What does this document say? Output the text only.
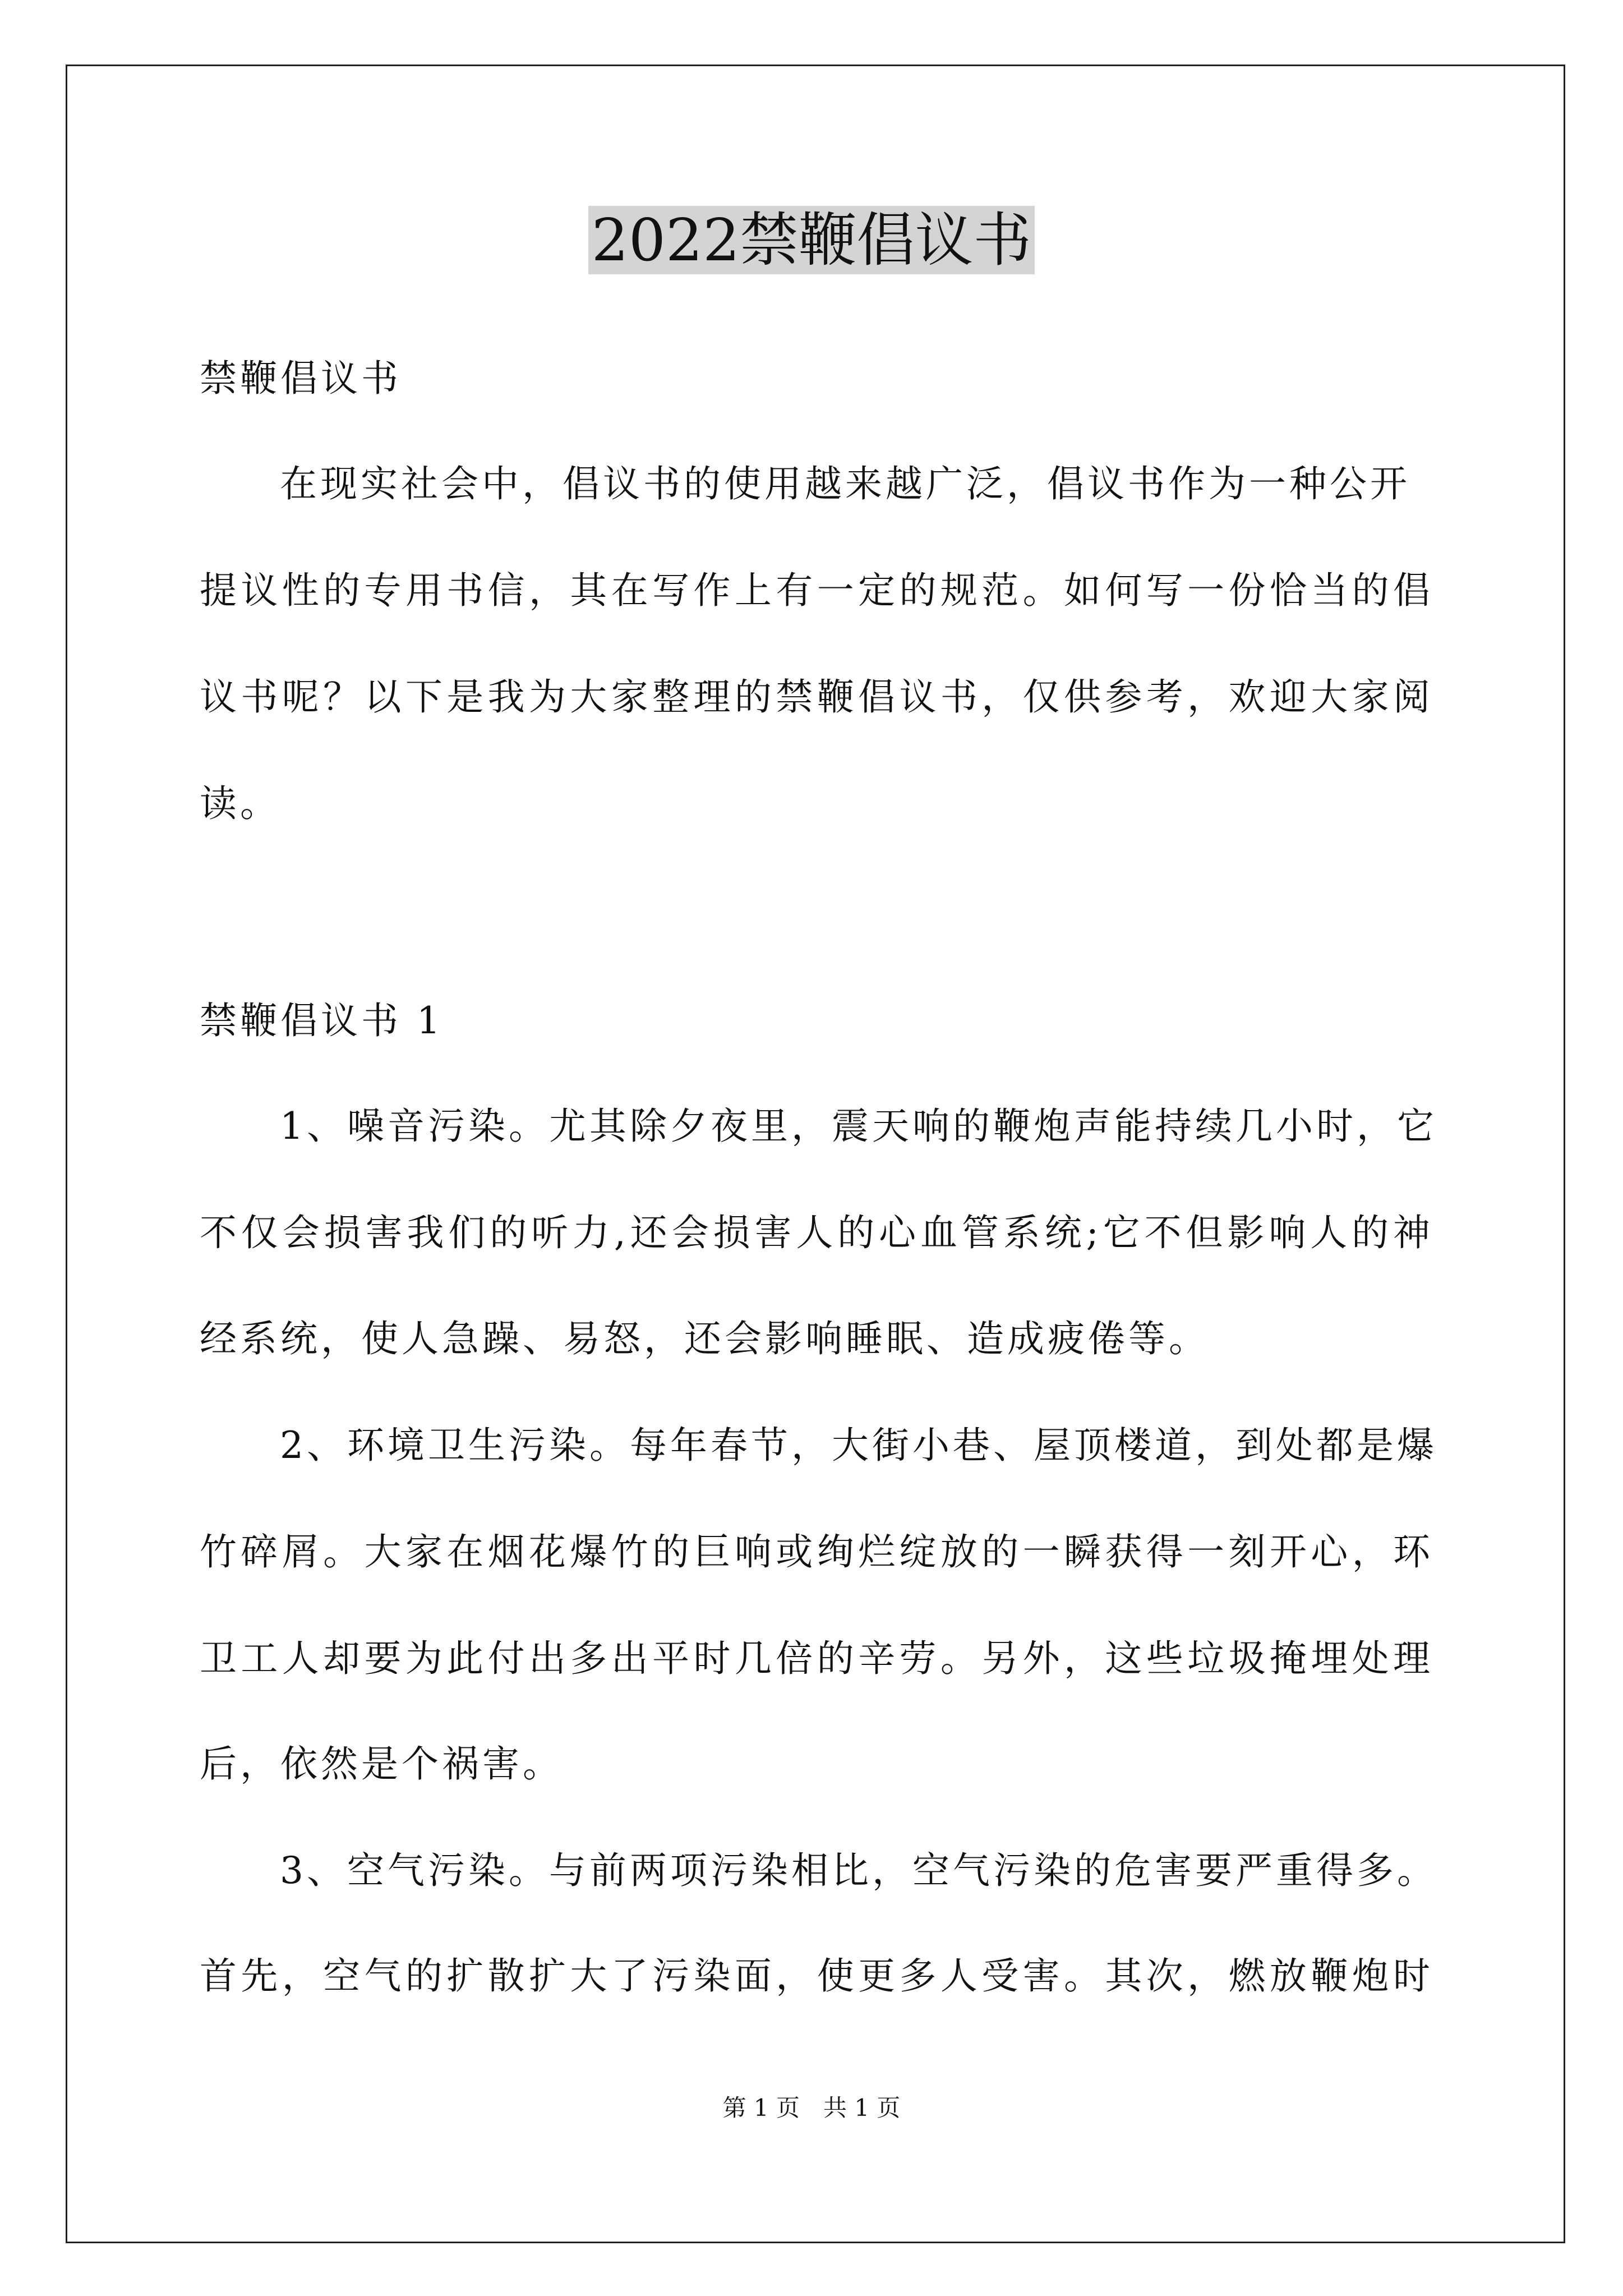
2022禁鞭倡议书
禁鞭倡议书
在现实社会中，倡议书的使用越来越广泛，倡议书作为一种公开
提议性的专用书信，其在写作上有一定的规范。如何写一份恰当的倡
议书呢？以下是我为大家整理的禁鞭倡议书，仅供参考，欢迎大家阅
读。
禁鞭倡议书 1
1、噪音污染。尤其除夕夜里，震天响的鞭炮声能持续几小时，它
不仅会损害我们的听力,还会损害人的心血管系统;它不但影响人的神
经系统，使人急躁、易怒，还会影响睡眠、造成疲倦等。
2、环境卫生污染。每年春节，大街小巷、屋顶楼道，到处都是爆
竹碎屑。大家在烟花爆竹的巨响或绚烂绽放的一瞬获得一刻开心，环
卫工人却要为此付出多出平时几倍的辛劳。另外，这些垃圾掩埋处理
后，依然是个祸害。
3、空气污染。与前两项污染相比，空气污染的危害要严重得多。
首先，空气的扩散扩大了污染面，使更多人受害。其次，燃放鞭炮时
第 1 页 共 1 页
